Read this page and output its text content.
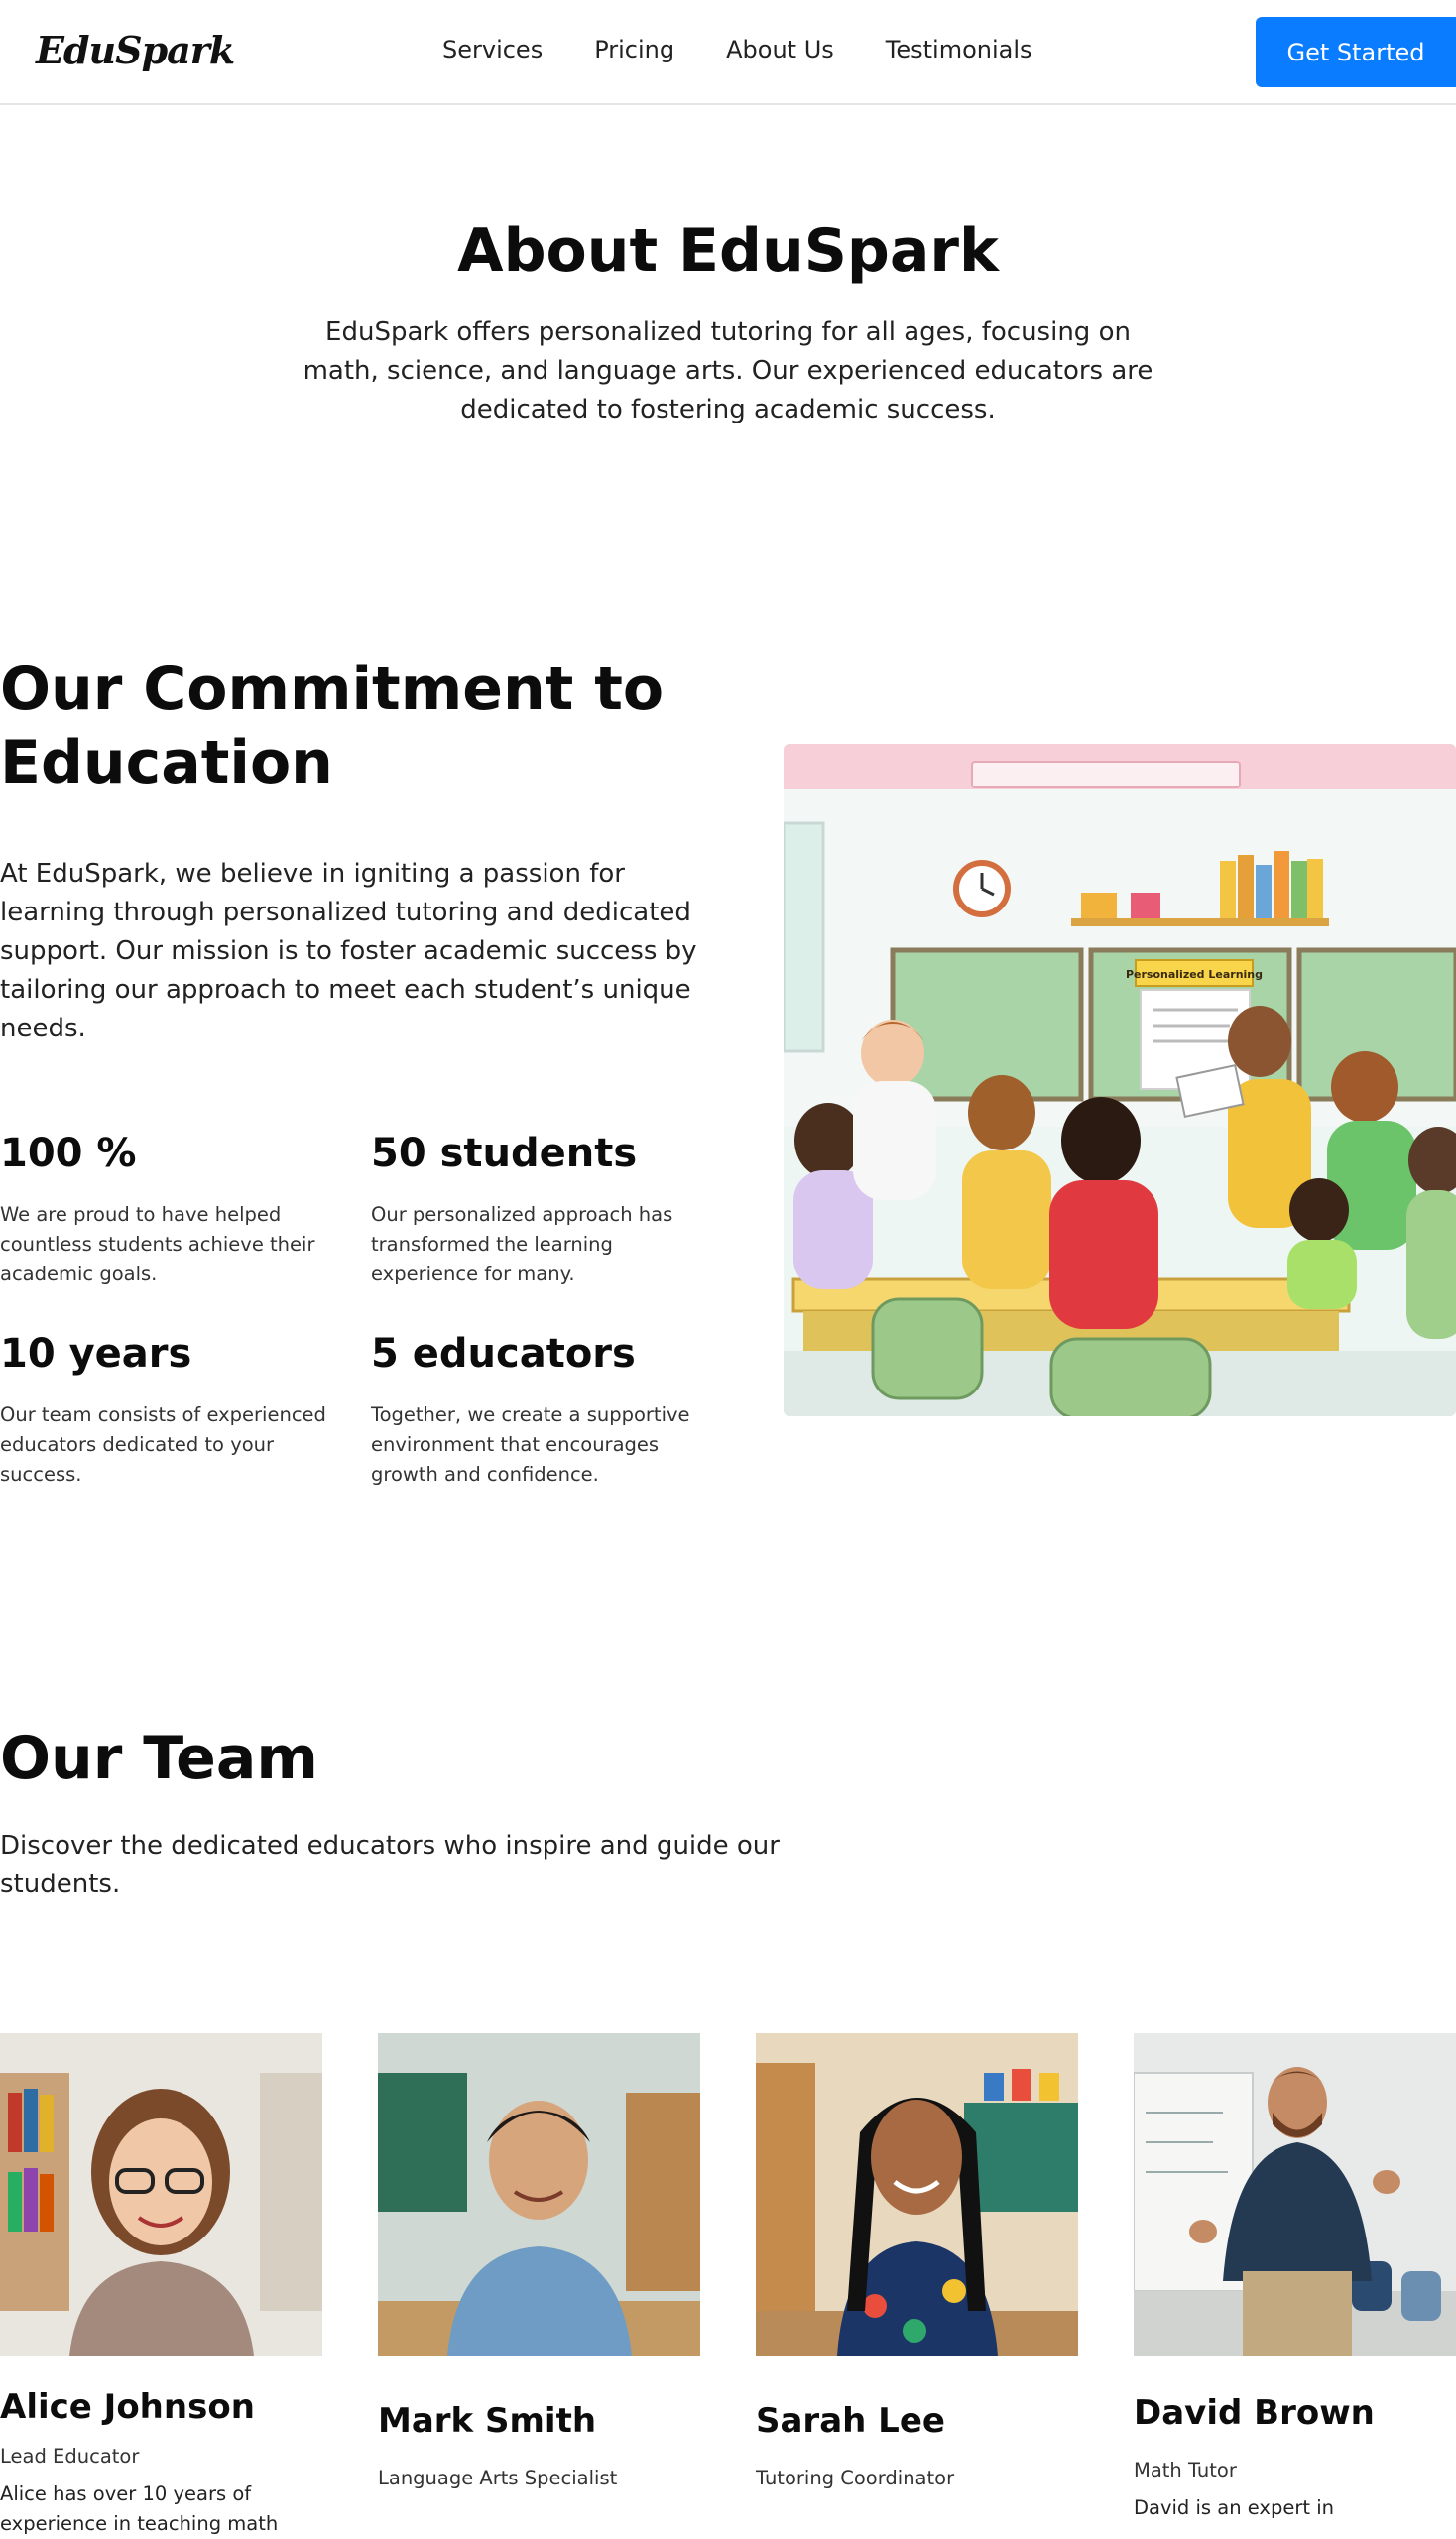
EduSpark	Services Pricing About Us Testimonials	Get Started
About EduSpark

EduSpark offers personalized tutoring for all ages, focusing on math, science, and language arts. Our experienced educators are dedicated to fostering academic success.

Our Commitment to Education

At EduSpark, we believe in igniting a passion for learning through personalized tutoring and dedicated support. Our mission is to foster academic success by tailoring our approach to meet each student’s unique needs.

100 %
We are proud to have helped countless students achieve their academic goals.
50 students
Our personalized approach has transformed the learning experience for many.
10 years
Our team consists of experienced educators dedicated to your success.
5 educators
Together, we create a supportive environment that encourages growth and confidence.
Personalized Learning
Our Team

Discover the dedicated educators who inspire and guide our students.

Alice Johnson
Lead Educator
Alice has over 10 years of experience in teaching math
Mark Smith
Language Arts Specialist
Sarah Lee
Tutoring Coordinator
David Brown
Math Tutor
David is an expert in
